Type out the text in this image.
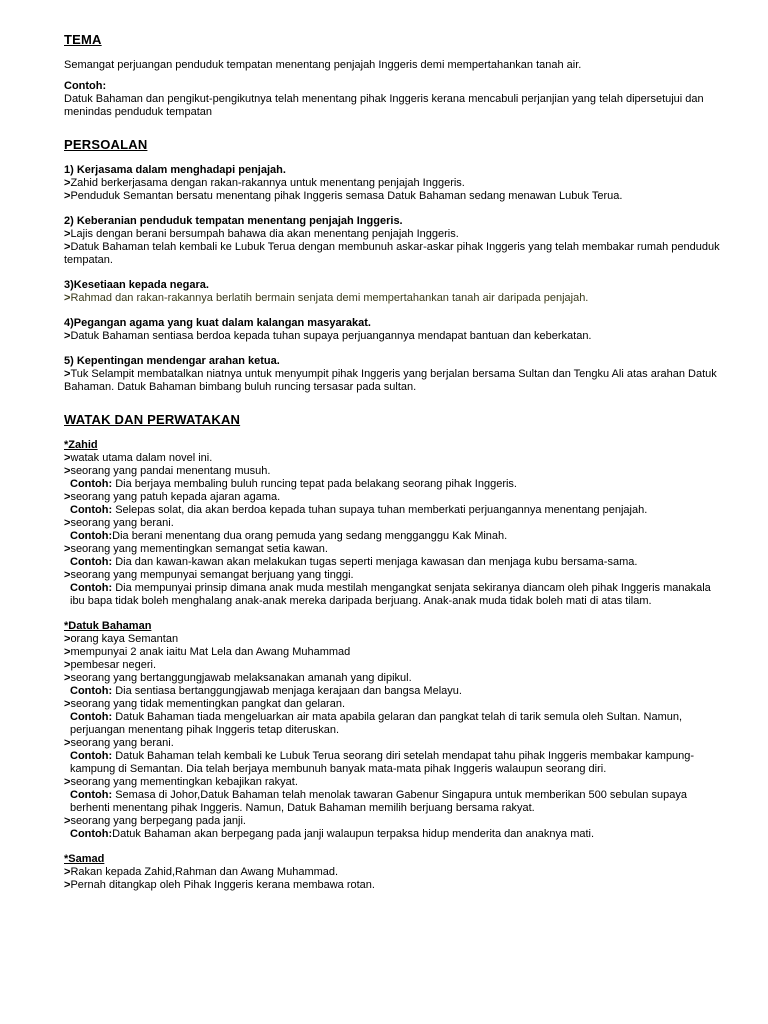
TEMA

Semangat perjuangan penduduk tempatan menentang penjajah Inggeris demi mempertahankan tanah air.

Contoh:

Datuk Bahaman dan pengikut-pengikutnya telah menentang pihak Inggeris kerana mencabuli perjanjian yang telah dipersetujui dan menindas penduduk tempatan

PERSOALAN

1) Kerjasama dalam menghadapi penjajah.

>Zahid berkerjasama dengan rakan-rakannya untuk menentang penjajah Inggeris.

>Penduduk Semantan bersatu menentang pihak Inggeris semasa Datuk Bahaman sedang menawan Lubuk Terua.

2) Keberanian penduduk tempatan menentang penjajah Inggeris.

>Lajis dengan berani bersumpah bahawa dia akan menentang penjajah Inggeris.

>Datuk Bahaman telah kembali ke Lubuk Terua dengan membunuh askar-askar pihak Inggeris yang telah membakar rumah penduduk tempatan.

3)Kesetiaan kepada negara.

>Rahmad dan rakan-rakannya berlatih bermain senjata demi mempertahankan tanah air daripada penjajah.

4)Pegangan agama yang kuat dalam kalangan masyarakat.

>Datuk Bahaman sentiasa berdoa kepada tuhan supaya perjuangannya mendapat bantuan dan keberkatan.

5) Kepentingan mendengar arahan ketua.

>Tuk Selampit membatalkan niatnya untuk menyumpit pihak Inggeris yang berjalan bersama Sultan dan Tengku Ali atas arahan Datuk Bahaman. Datuk Bahaman bimbang buluh runcing tersasar pada sultan.

WATAK DAN PERWATAKAN

*Zahid

>watak utama dalam novel ini.

>seorang yang pandai menentang musuh.

Contoh: Dia berjaya membaling buluh runcing tepat pada belakang seorang pihak Inggeris.

>seorang yang patuh kepada ajaran agama.

Contoh: Selepas solat, dia akan berdoa kepada tuhan supaya tuhan memberkati perjuangannya menentang penjajah.

>seorang yang berani.

Contoh:Dia berani menentang dua orang pemuda yang sedang mengganggu Kak Minah.

>seorang yang mementingkan semangat setia kawan.

Contoh: Dia dan kawan-kawan akan melakukan tugas seperti menjaga kawasan dan menjaga kubu bersama-sama.

>seorang yang mempunyai semangat berjuang yang tinggi.

Contoh: Dia mempunyai prinsip dimana anak muda mestilah mengangkat senjata sekiranya diancam oleh pihak Inggeris manakala ibu bapa tidak boleh menghalang anak-anak mereka daripada berjuang. Anak-anak muda tidak boleh mati di atas tilam.

*Datuk Bahaman

>orang kaya Semantan

>mempunyai 2 anak iaitu Mat Lela dan Awang Muhammad

>pembesar negeri.

>seorang yang bertanggungjawab melaksanakan amanah yang dipikul.

Contoh: Dia sentiasa bertanggungjawab menjaga kerajaan dan bangsa Melayu.

>seorang yang tidak mementingkan pangkat dan gelaran.

Contoh: Datuk Bahaman tiada mengeluarkan air mata apabila gelaran dan pangkat telah di tarik semula oleh Sultan. Namun, perjuangan menentang pihak Inggeris tetap diteruskan.

>seorang yang berani.

Contoh: Datuk Bahaman telah kembali ke Lubuk Terua seorang diri setelah mendapat tahu pihak Inggeris membakar kampung-kampung di Semantan. Dia telah berjaya membunuh banyak mata-mata pihak Inggeris walaupun seorang diri.

>seorang yang mementingkan kebajikan rakyat.

Contoh: Semasa di Johor,Datuk Bahaman telah menolak tawaran Gabenur Singapura untuk memberikan 500 sebulan supaya berhenti menentang pihak Inggeris. Namun, Datuk Bahaman memilih berjuang bersama rakyat.

>seorang yang berpegang pada janji.

Contoh:Datuk Bahaman akan berpegang pada janji walaupun terpaksa hidup menderita dan anaknya mati.

*Samad

>Rakan kepada Zahid,Rahman dan Awang Muhammad.

>Pernah ditangkap oleh Pihak Inggeris kerana membawa rotan.
